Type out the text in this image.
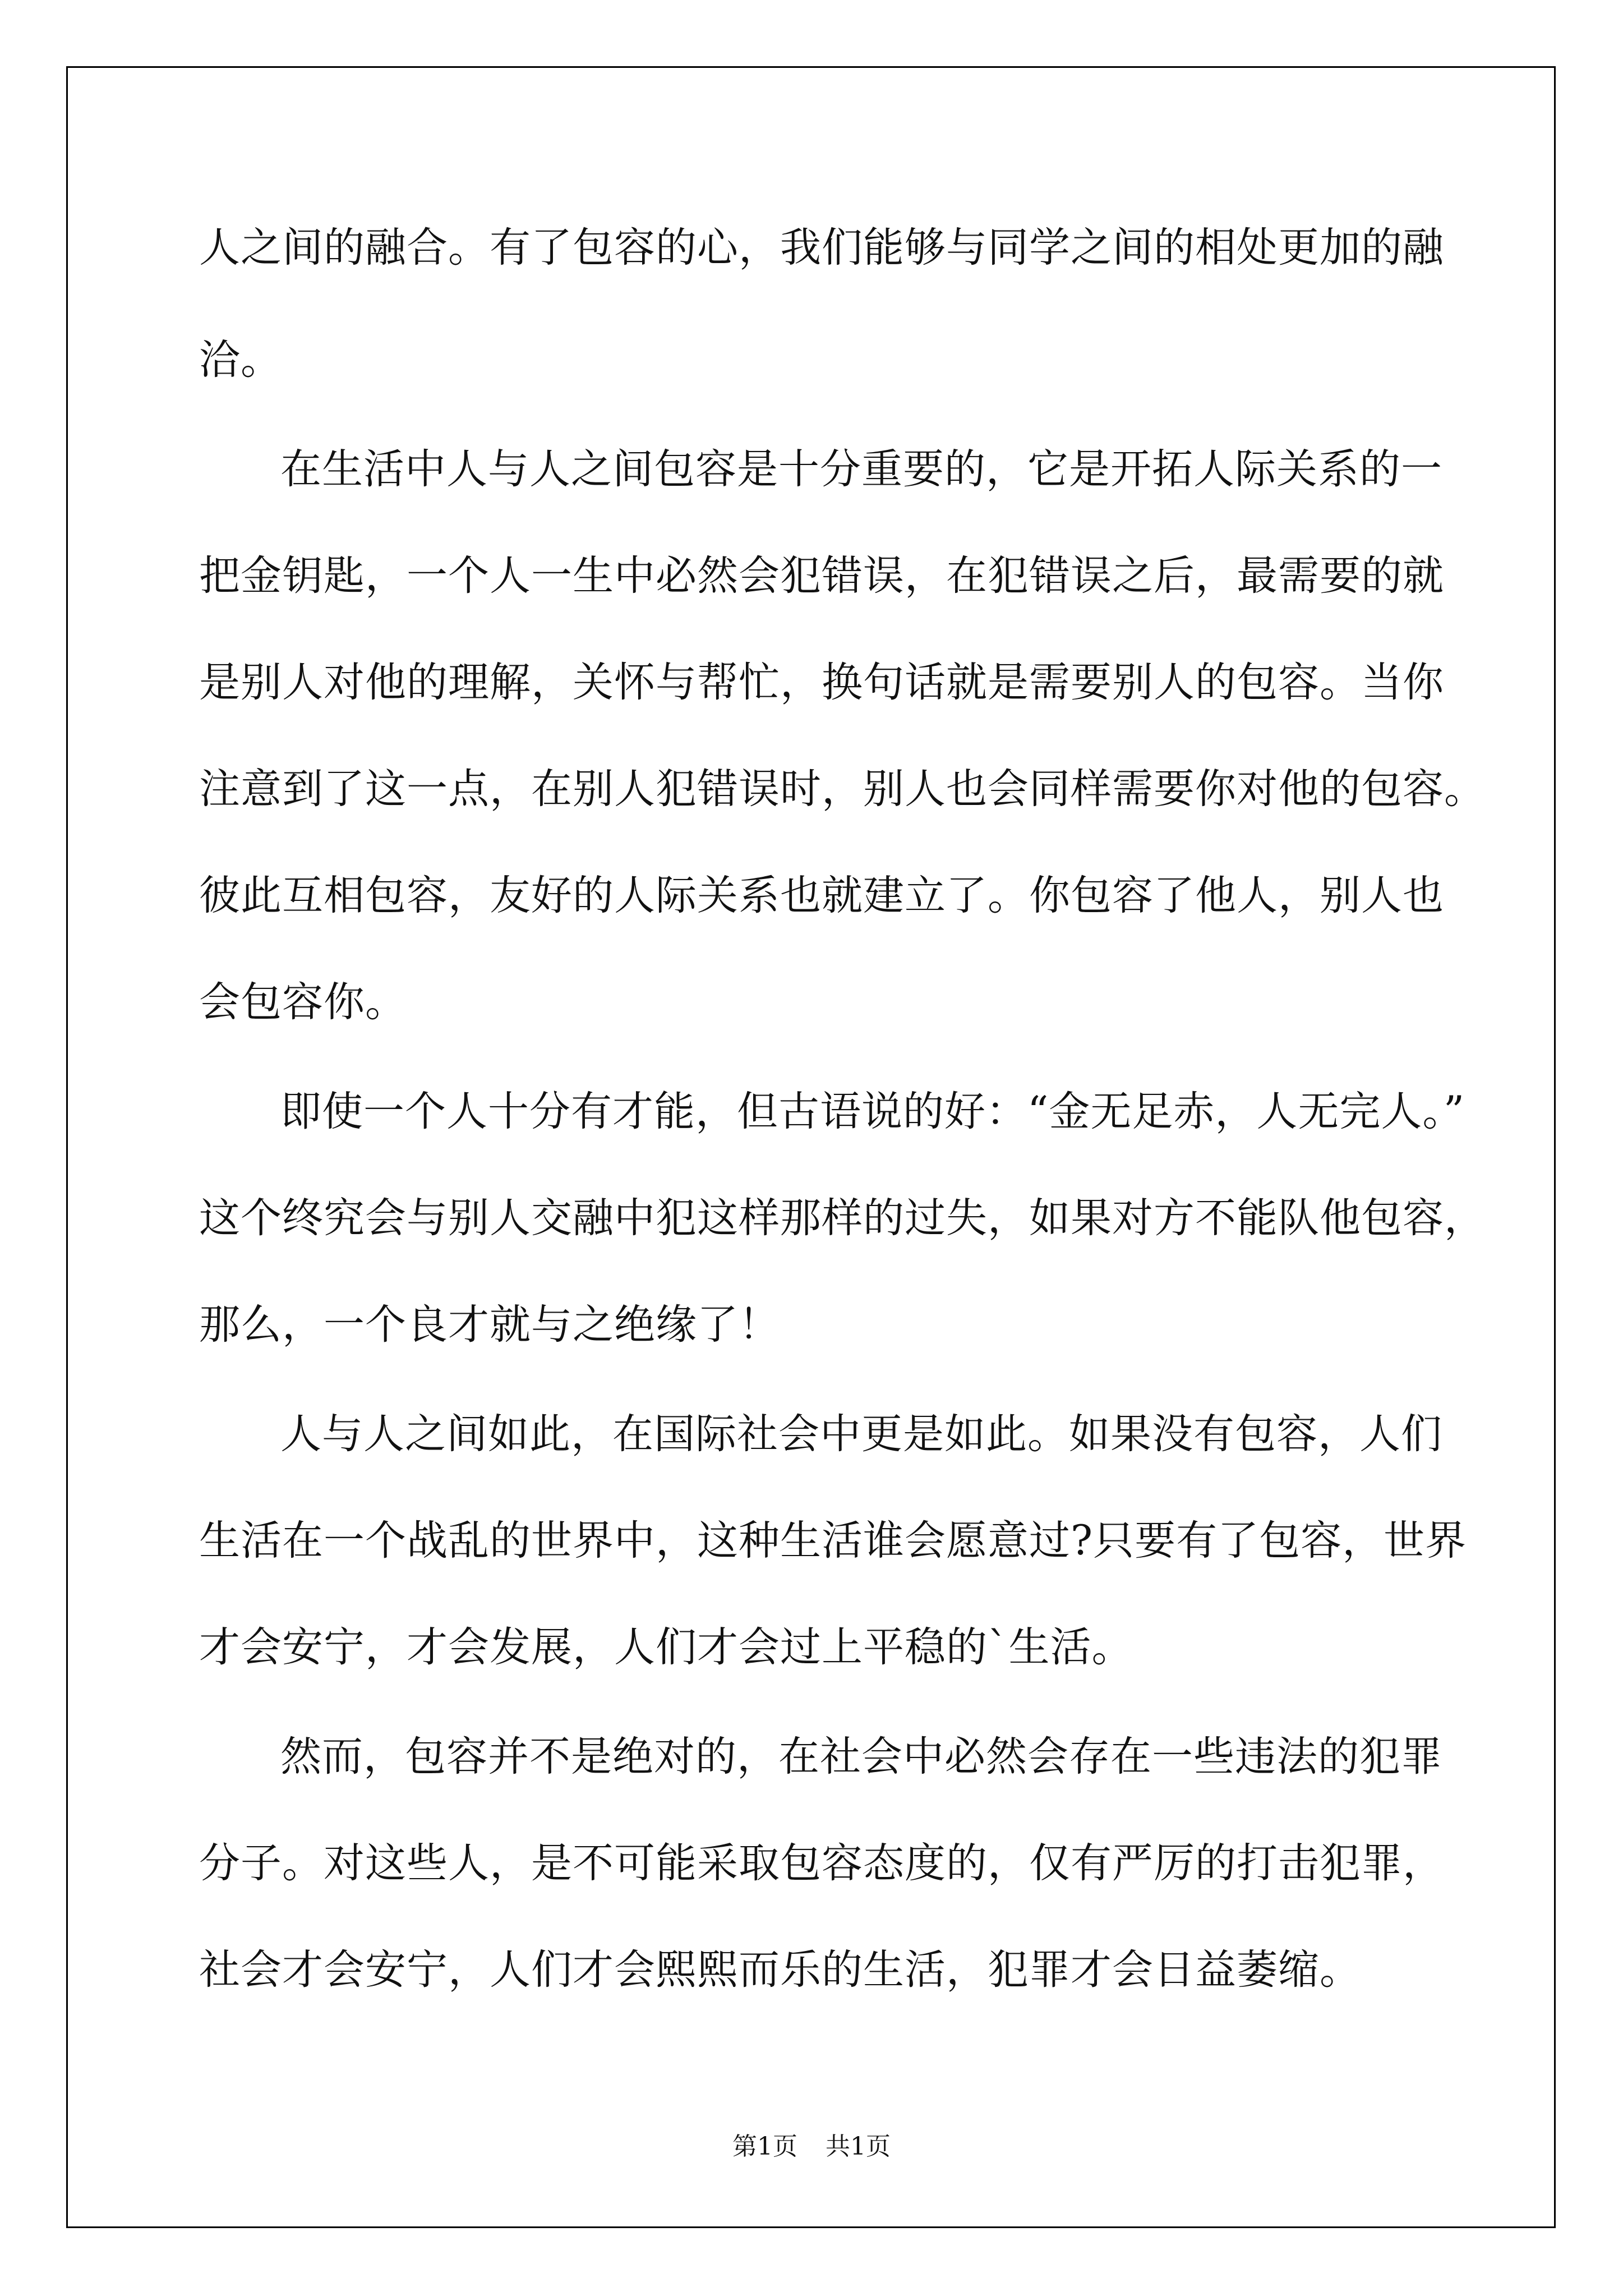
人之间的融合。有了包容的心，我们能够与同学之间的相处更加的融
洽。
在生活中人与人之间包容是十分重要的，它是开拓人际关系的一
把金钥匙，一个人一生中必然会犯错误，在犯错误之后，最需要的就
是别人对他的理解，关怀与帮忙，换句话就是需要别人的包容。当你
注意到了这一点，在别人犯错误时，别人也会同样需要你对他的包容。
彼此互相包容，友好的人际关系也就建立了。你包容了他人，别人也
会包容你。
即使一个人十分有才能，但古语说的好：“金无足赤，人无完人。”
这个终究会与别人交融中犯这样那样的过失，如果对方不能队他包容，
那么，一个良才就与之绝缘了！
人与人之间如此，在国际社会中更是如此。如果没有包容，人们
生活在一个战乱的世界中，这种生活谁会愿意过?只要有了包容，世界
才会安宁，才会发展，人们才会过上平稳的`生活。
然而，包容并不是绝对的，在社会中必然会存在一些违法的犯罪
分子。对这些人，是不可能采取包容态度的，仅有严厉的打击犯罪，
社会才会安宁，人们才会熙熙而乐的生活，犯罪才会日益萎缩。
第1页 共1页
